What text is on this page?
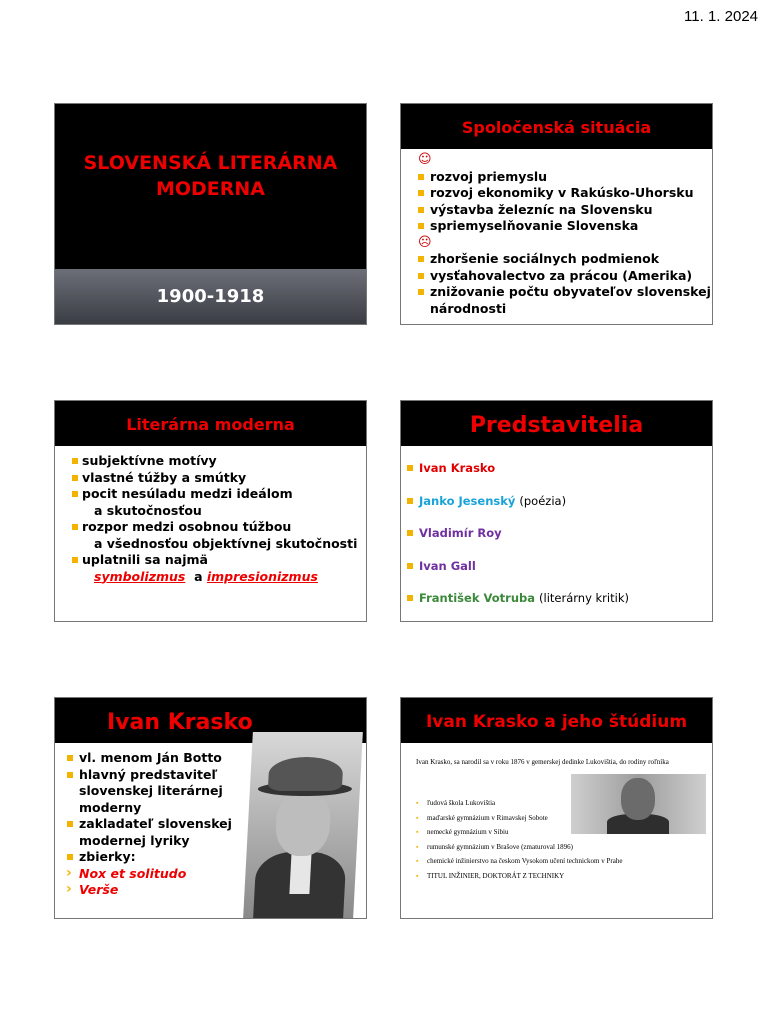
11. 1. 2024
SLOVENSKÁ LITERÁRNA
MODERNA
1900-1918
Spoločenská situácia
☺

rozvoj priemyslu
rozvoj ekonomiky v Rakúsko-Uhorsku
výstavba železníc na Slovensku
spriemyselňovanie Slovenska
☹

zhoršenie sociálnych podmienok
vysťahovalectvo za prácou (Amerika)
znižovanie počtu obyvateľov slovenskej národnosti
Literárna moderna
subjektívne motívy
vlastné túžby a smútky
pocit nesúladu medzi ideálom
a skutočnosťou
rozpor medzi osobnou túžbou
a všednosťou objektívnej skutočnosti
uplatnili sa najmä
symbolizmus a impresionizmus
Predstavitelia
Ivan Krasko
Janko Jesenský (poézia)
Vladimír Roy
Ivan Gall
František Votruba (literárny kritik)
Ivan Krasko
vl. menom Ján Botto
hlavný predstaviteľ slovenskej literárnej moderny
zakladateľ slovenskej modernej lyriky
zbierky:
› Nox et solitudo
› Verše
Ivan Krasko a jeho štúdium
Ivan Krasko, sa narodil sa v roku 1876 v gemerskej dedinke Lukovištia, do rodiny roľníka
▪ ľudová škola Lukovištia
▪ maďarské gymnázium v Rimavskej Sobote
▪ nemecké gymnázium v Sibiu
▪ rumunské gymnázium v Brašove (zmaturoval 1896)
▪ chemické inžinierstvo na českom Vysokom učení technickom v Prahe
▪ TITUL INŽINIER, DOKTORÁT Z TECHNIKY
